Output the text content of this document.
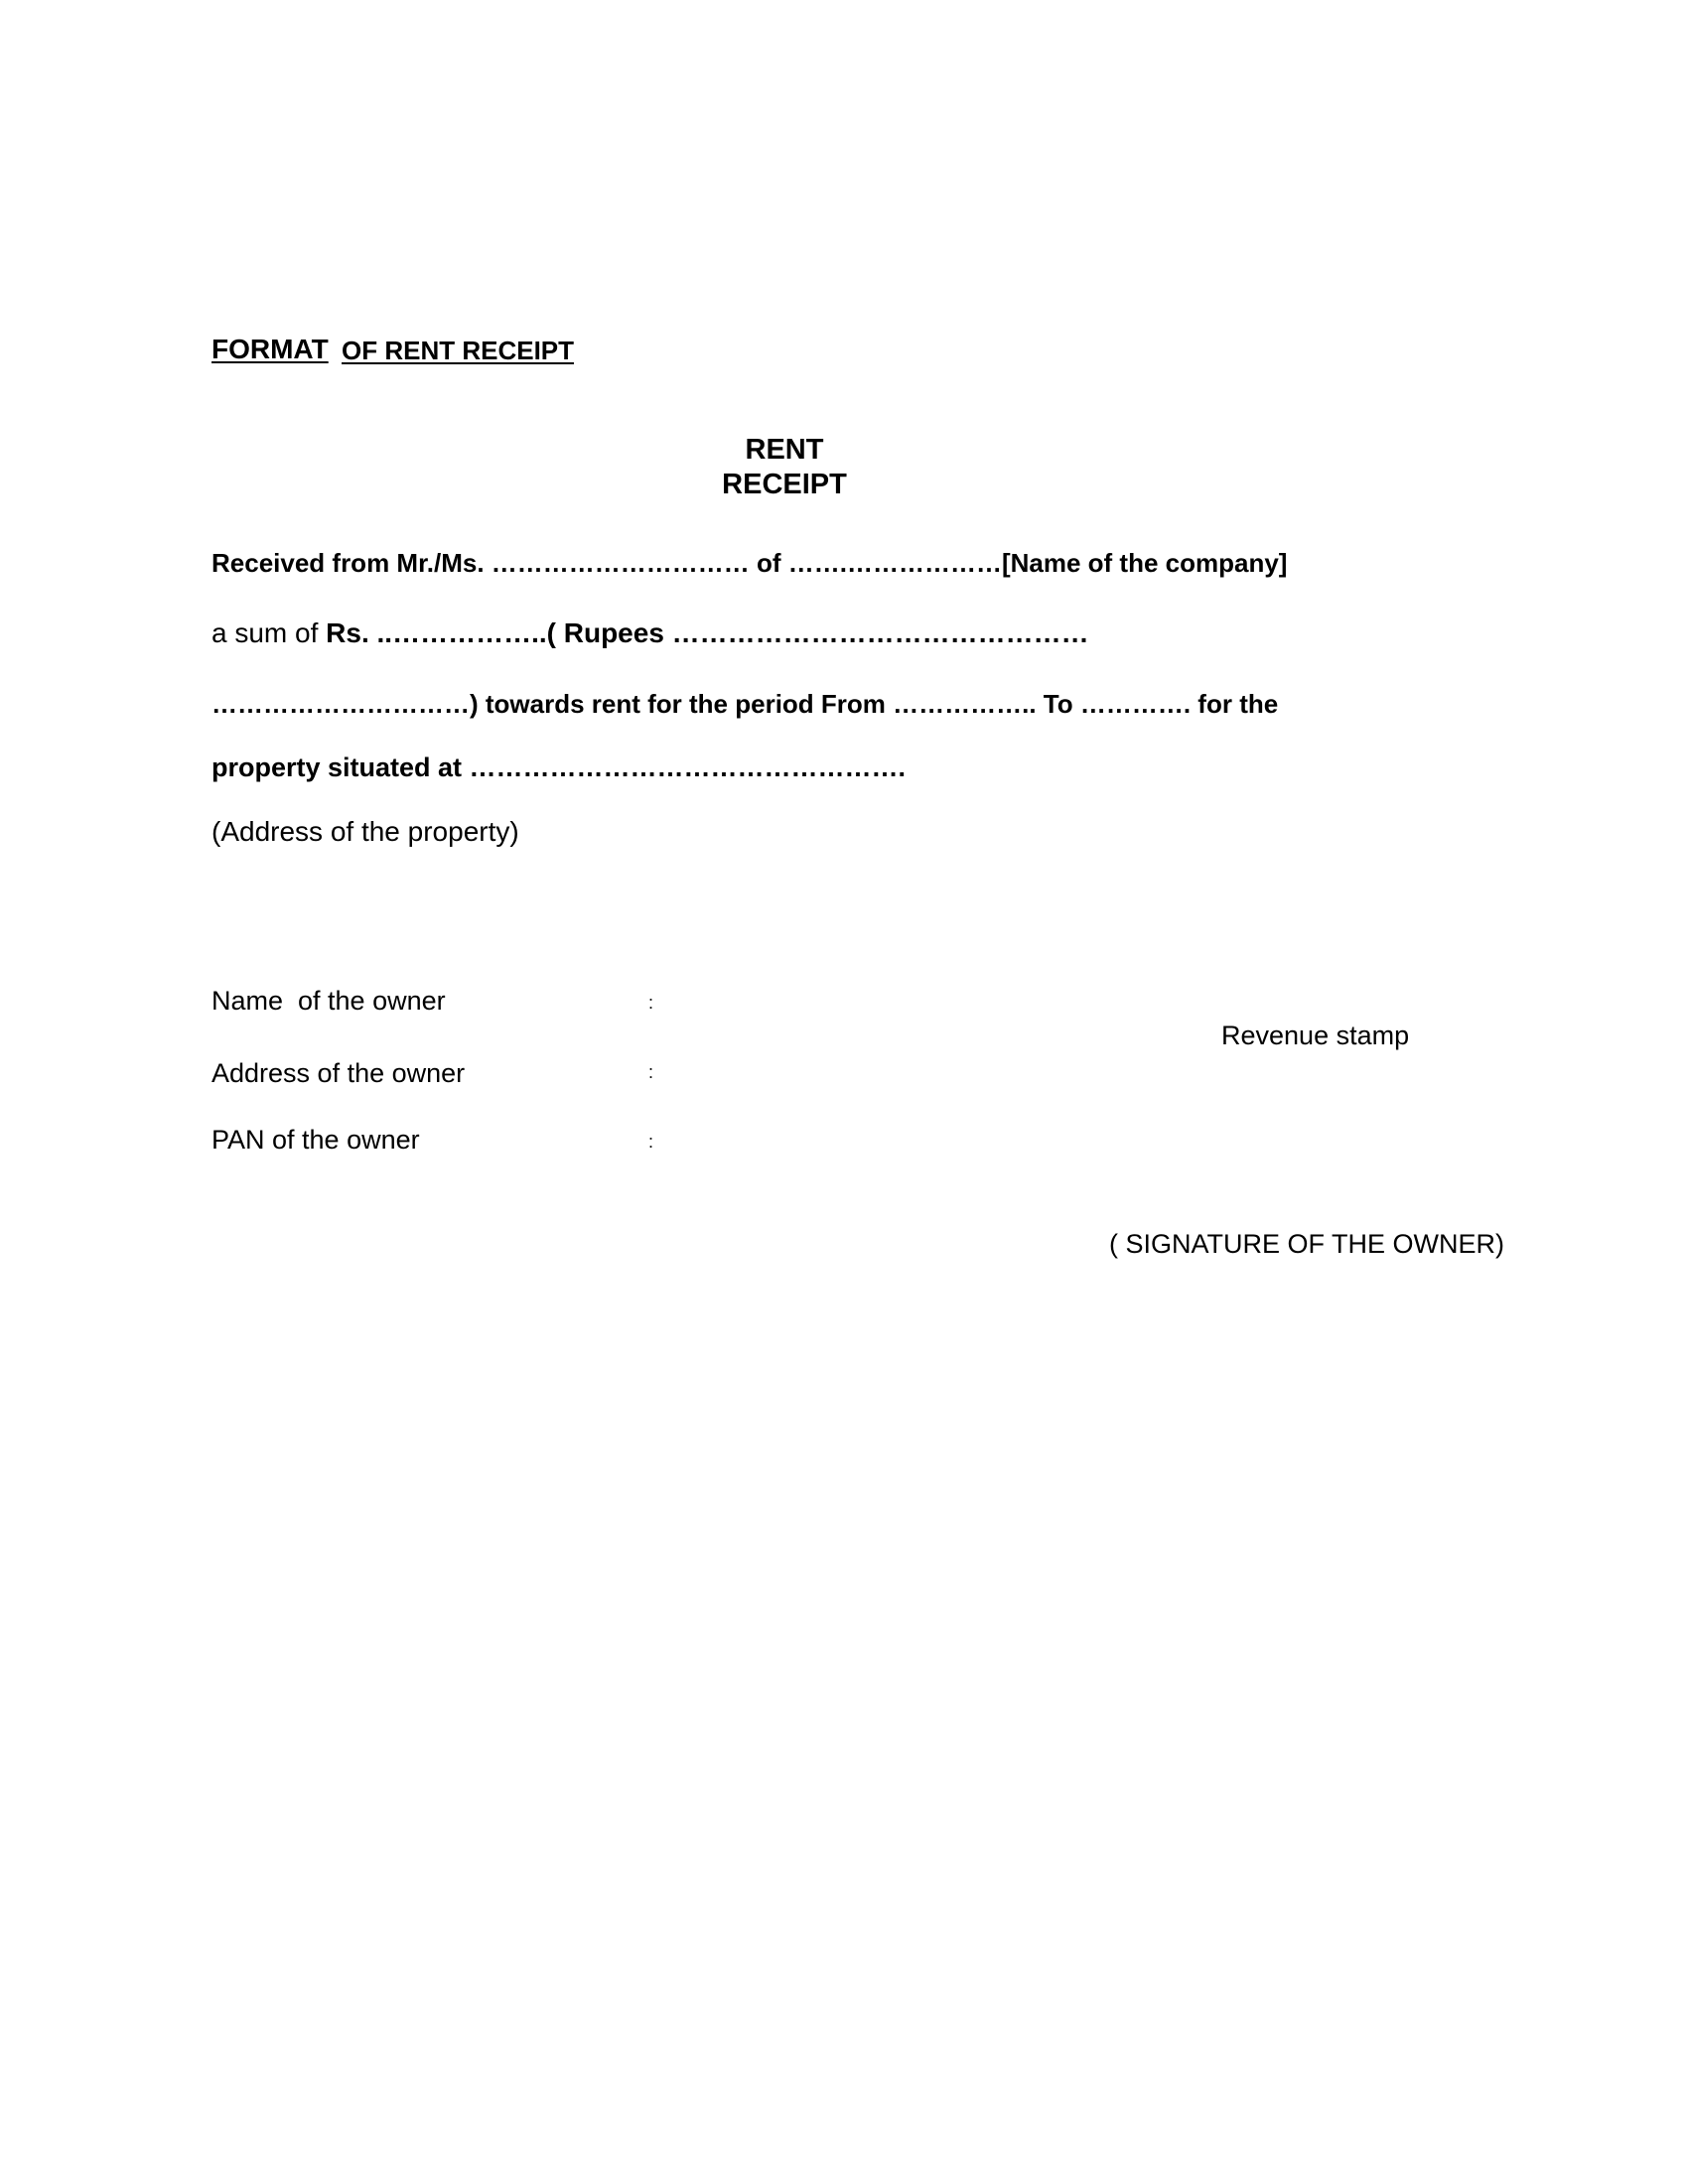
FORMAT OF RENT RECEIPT
RENT
RECEIPT
Received from Mr./Ms. ………………………… of …….………………[Name of the company]
a sum of Rs. ..……………..( Rupees ………………………………………
…………………………) towards rent for the period From …………….. To …………. for the
property situated at ………………………………………….
(Address of the property)
Name  of the owner	:
Address of the owner	:
PAN of the owner	:
Revenue stamp
( SIGNATURE OF THE OWNER)
